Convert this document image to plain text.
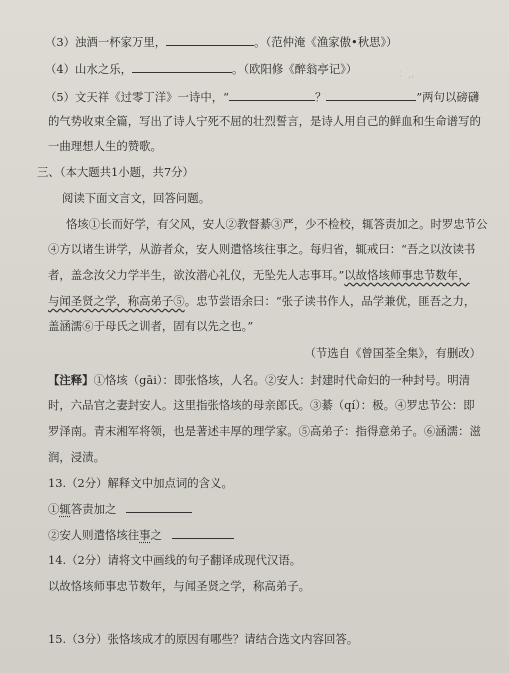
：,，
（3）浊酒一杯家万里，	。（范仲淹《渔家傲•秋思》）
（4）山水之乐，	。（欧阳修《醉翁亭记》）
（5）文天祥《过零丁洋》一诗中，“	？	”两句以磅礴
的气势收束全篇，写出了诗人宁死不屈的壮烈誓言，是诗人用自己的鲜血和生命谱写的
一曲理想人生的赞歌。
三、（本大题共1小题，共7分）
阅读下面文言文，回答问题。
恪垓①长而好学，有父风，安人②教督綦③严，少不检校，辄答责加之。时罗忠节公
④方以诸生讲学，从游者众，安人则遣恪垓往事之。每归省，辄戒曰：“吾之以汝读书
者，盖念汝父力学半生，欲汝潜心礼仪，无坠先人志事耳。”以故恪垓师事忠节数年，
与闻圣贤之学，称高弟子⑤。忠节尝语余曰：“张子读书作人，品学兼优，匪吾之力，
盖涵濡⑥于母氏之训者，固有以先之也。”
（节选自《曾国荃全集》，有删改）
【注释】①恪垓（gāi）：即张恪垓，人名。②安人：封建时代命妇的一种封号。明清
时，六品官之妻封安人。这里指张恪垓的母亲郎氏。③綦（qí）：极。④罗忠节公：即
罗泽南。青末湘军将领，也是著述丰厚的理学家。⑤高弟子：指得意弟子。⑥涵濡：滋
润，浸渍。
13.（2分）解释文中加点词的含义。
①辄答责加之
②安人则遣恪垓往事之
14.（2分）请将文中画线的句子翻译成现代汉语。
以故恪垓师事忠节数年，与闻圣贤之学，称高弟子。
15.（3分）张恪垓成才的原因有哪些？请结合选文内容回答。
